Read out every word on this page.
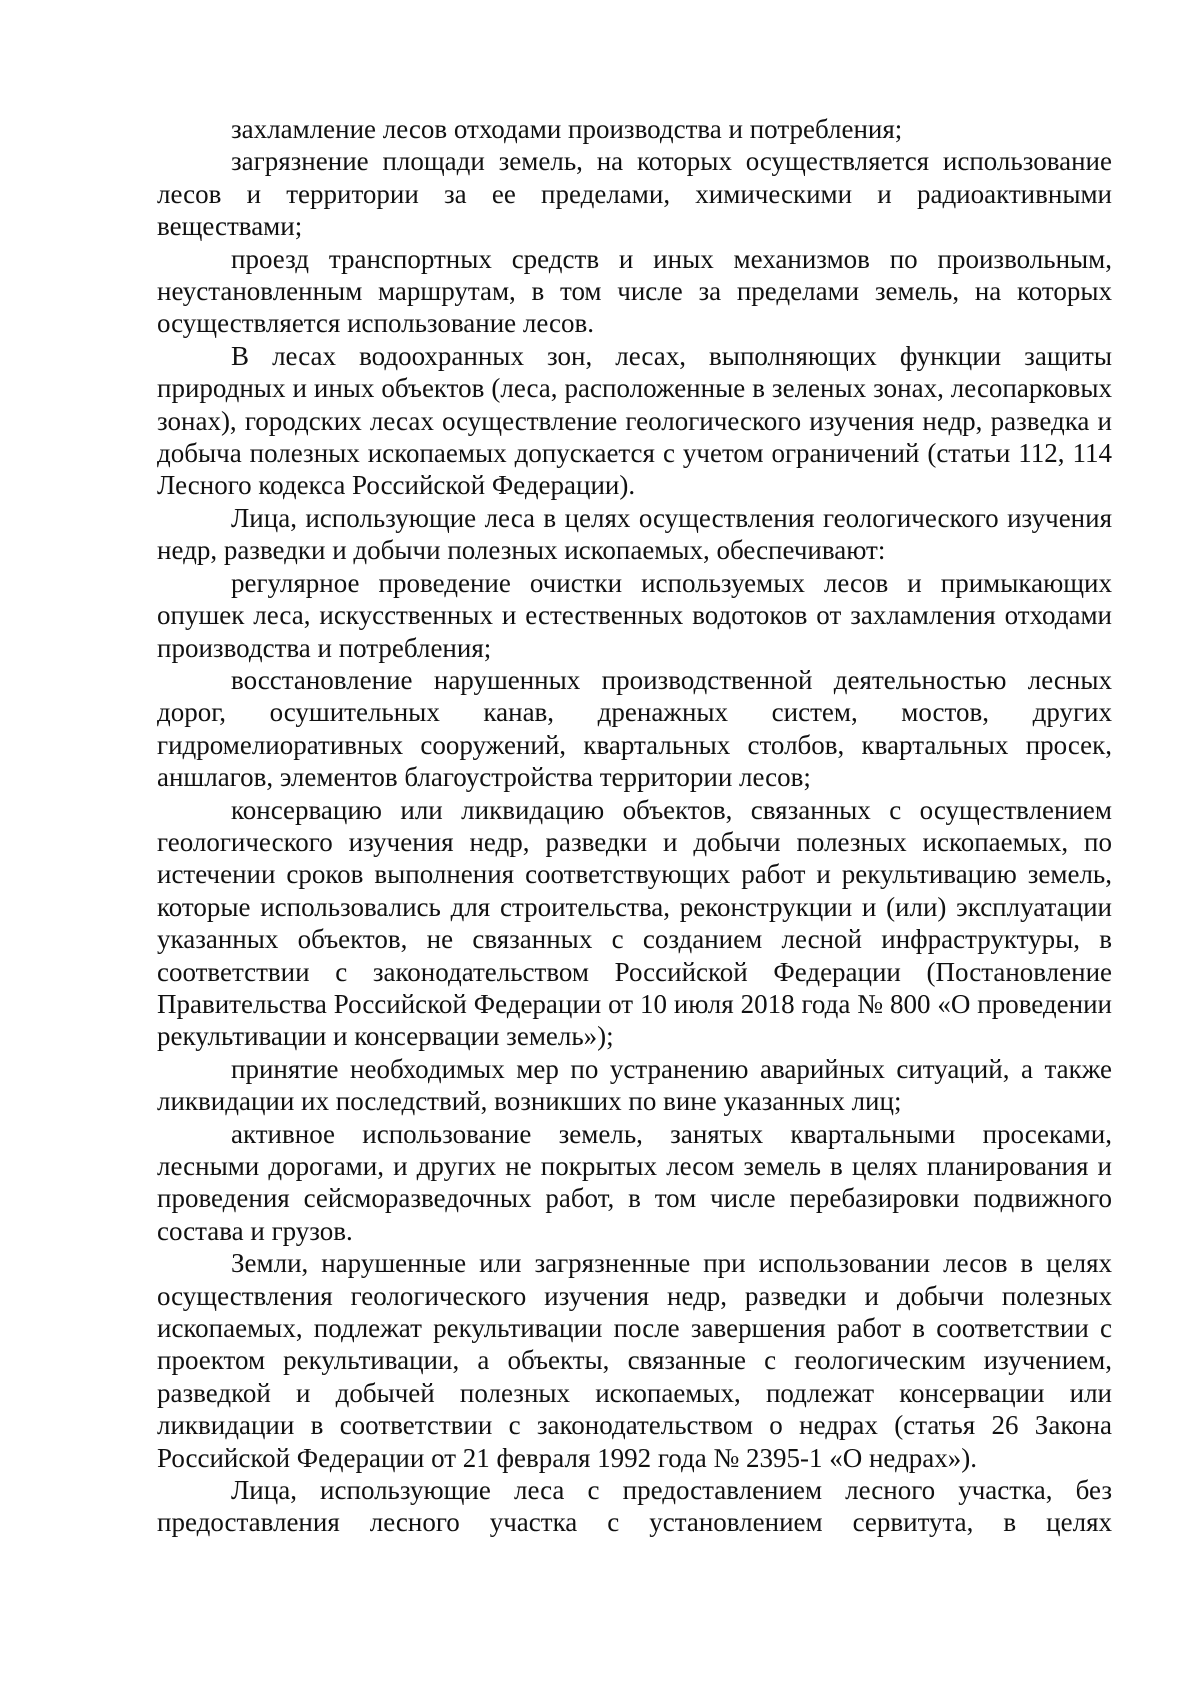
захламление лесов отходами производства и потребления;

загрязнение площади земель, на которых осуществляется использование лесов и территории за ее пределами, химическими и радиоактивными веществами;

проезд транспортных средств и иных механизмов по произвольным, неустановленным маршрутам, в том числе за пределами земель, на которых осуществляется использование лесов.

В лесах водоохранных зон, лесах, выполняющих функции защиты природных и иных объектов (леса, расположенные в зеленых зонах, лесопарковых зонах), городских лесах осуществление геологического изучения недр, разведка и добыча полезных ископаемых допускается с учетом ограничений (статьи 112, 114 Лесного кодекса Российской Федерации).

Лица, использующие леса в целях осуществления геологического изучения недр, разведки и добычи полезных ископаемых, обеспечивают:

регулярное проведение очистки используемых лесов и примыкающих опушек леса, искусственных и естественных водотоков от захламления отходами производства и потребления;

восстановление нарушенных производственной деятельностью лесных дорог, осушительных канав, дренажных систем, мостов, других гидромелиоративных сооружений, квартальных столбов, квартальных просек, аншлагов, элементов благоустройства территории лесов;

консервацию или ликвидацию объектов, связанных с осуществлением геологического изучения недр, разведки и добычи полезных ископаемых, по истечении сроков выполнения соответствующих работ и рекультивацию земель, которые использовались для строительства, реконструкции и (или) эксплуатации указанных объектов, не связанных с созданием лесной инфраструктуры, в соответствии с законодательством Российской Федерации (Постановление Правительства Российской Федерации от 10 июля 2018 года № 800 «О проведении рекультивации и консервации земель»);

принятие необходимых мер по устранению аварийных ситуаций, а также ликвидации их последствий, возникших по вине указанных лиц;

активное использование земель, занятых квартальными просеками, лесными дорогами, и других не покрытых лесом земель в целях планирования и проведения сейсморазведочных работ, в том числе перебазировки подвижного состава и грузов.

Земли, нарушенные или загрязненные при использовании лесов в целях осуществления геологического изучения недр, разведки и добычи полезных ископаемых, подлежат рекультивации после завершения работ в соответствии с проектом рекультивации, а объекты, связанные с геологическим изучением, разведкой и добычей полезных ископаемых, подлежат консервации или ликвидации в соответствии с законодательством о недрах (статья 26 Закона Российской Федерации от 21 февраля 1992 года № 2395-1 «О недрах»).

Лица, использующие леса с предоставлением лесного участка, без предоставления лесного участка с установлением сервитута, в целях
